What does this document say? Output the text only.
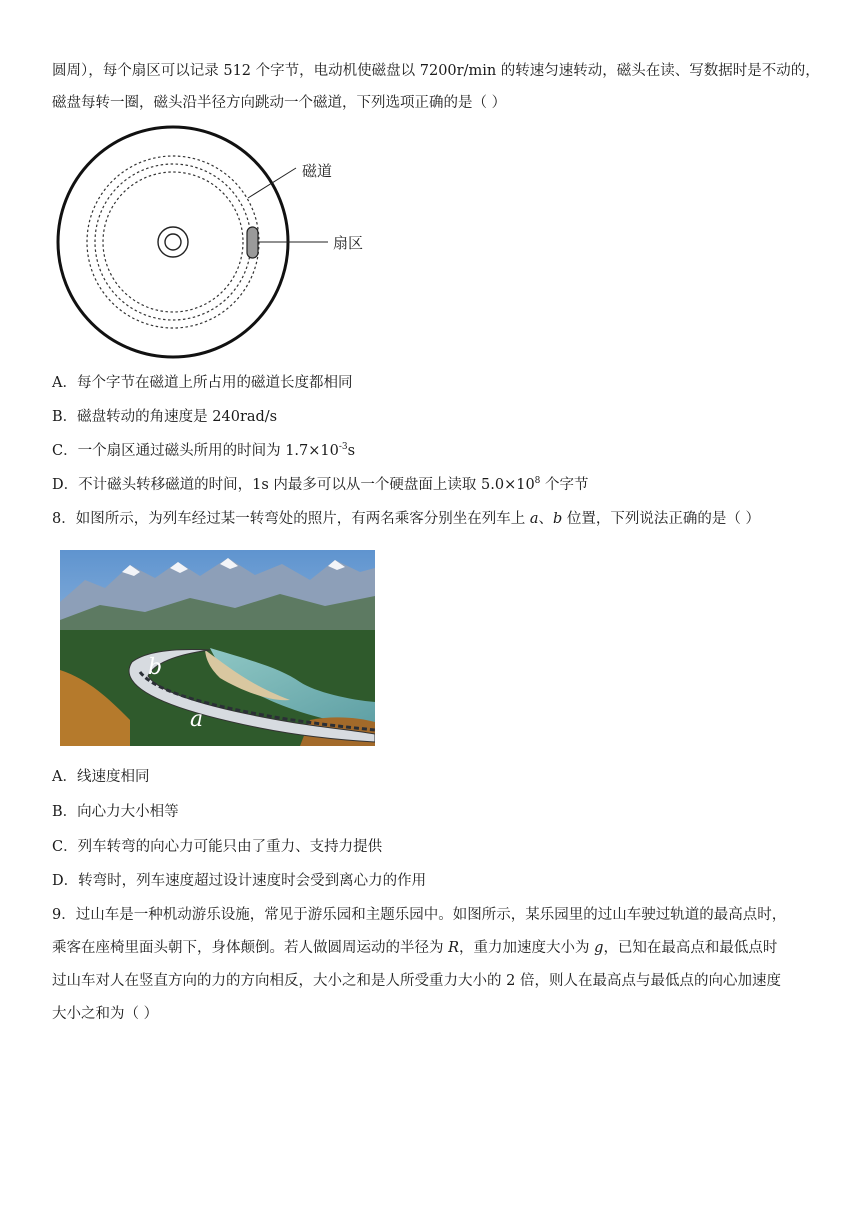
圆周），每个扇区可以记录 512 个字节，电动机使磁盘以 7200r/min 的转速匀速转动，磁头在读、写数据时是不动的，
磁盘每转一圈，磁头沿半径方向跳动一个磁道，下列选项正确的是（ ）
磁道
扇区
A．每个字节在磁道上所占用的磁道长度都相同
B．磁盘转动的角速度是 240rad/s
C．一个扇区通过磁头所用的时间为 $1.7\times 10^{-3}s$
D．不计磁头转移磁道的时间，1s 内最多可以从一个硬盘面上读取 $5.0\times 10^8$ 个字节
8．如图所示，为列车经过某一转弯处的照片，有两名乘客分别坐在列车上 a、b 位置，下列说法正确的是（ ）
b
a
A．线速度相同
B．向心力大小相等
C．列车转弯的向心力可能只由了重力、支持力提供
D．转弯时，列车速度超过设计速度时会受到离心力的作用
9．过山车是一种机动游乐设施，常见于游乐园和主题乐园中。如图所示，某乐园里的过山车驶过轨道的最高点时，
乘客在座椅里面头朝下，身体颠倒。若人做圆周运动的半径为 R，重力加速度大小为 g，已知在最高点和最低点时
过山车对人在竖直方向的力的方向相反，大小之和是人所受重力大小的 2 倍，则人在最高点与最低点的向心加速度
大小之和为（ ）
